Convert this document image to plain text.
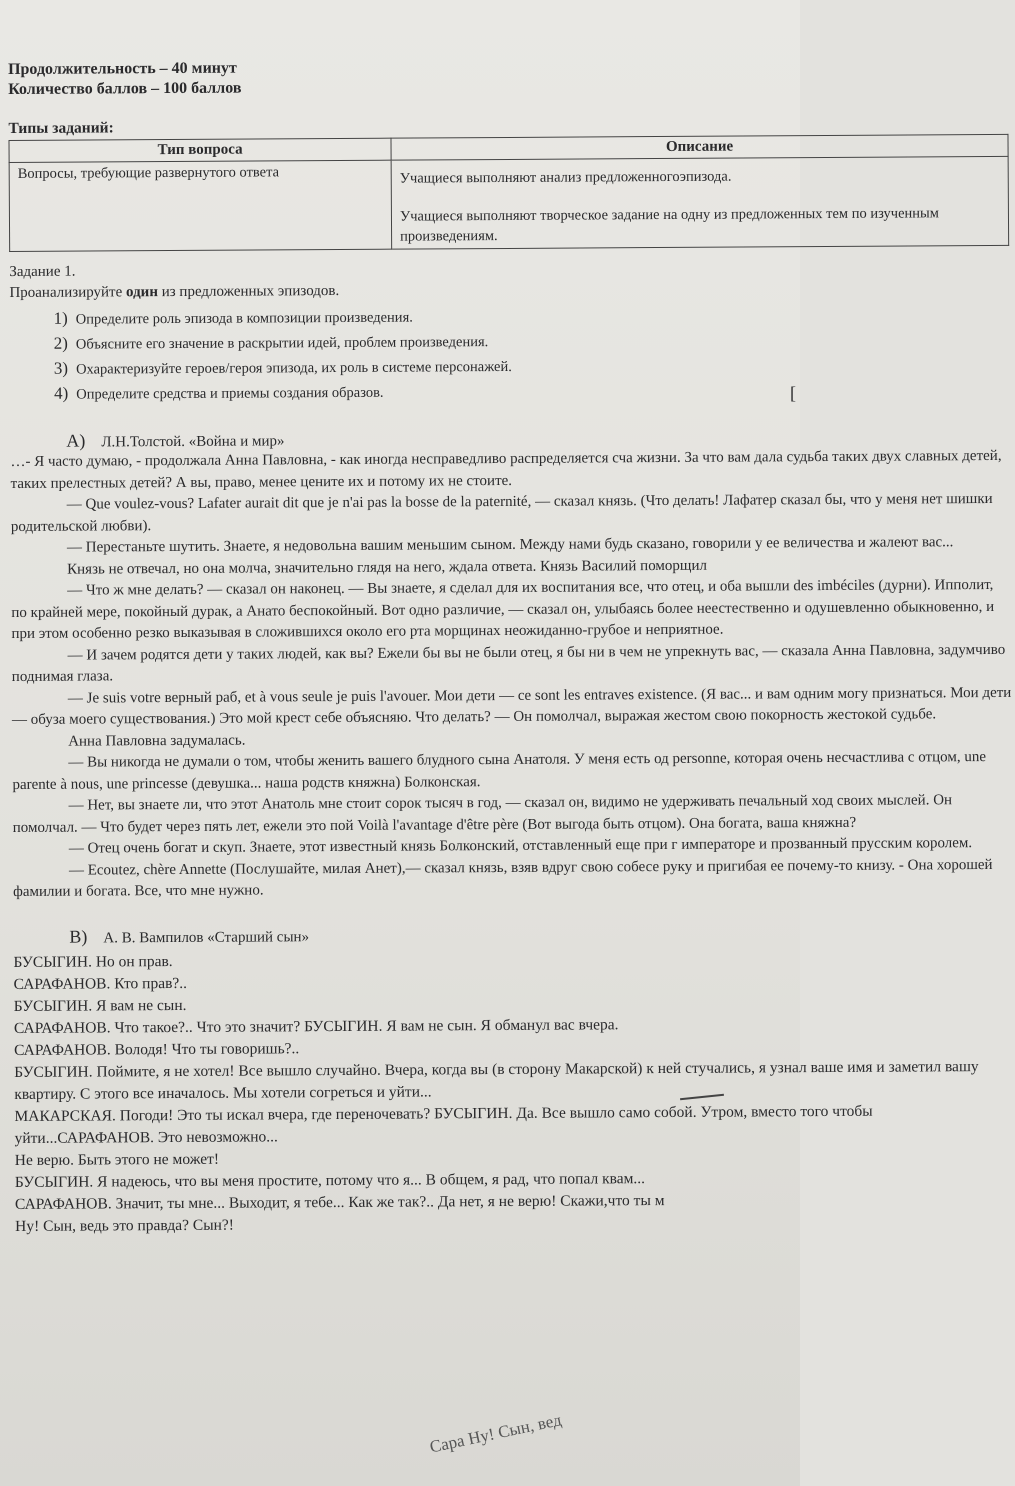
Продолжительность – 40 минут
Количество баллов – 100 баллов
Типы заданий:
Тип вопроса	Описание
Вопросы, требующие развернутого ответа	Учащиеся выполняют анализ предложенногоэпизода.

Учащиеся выполняют творческое задание на одну из предложенных тем по изученным произведениям.

Задание 1.
Проанализируйте один из предложенных эпизодов.
1) Определите роль эпизода в композиции произведения.
2) Объясните его значение в раскрытии идей, проблем произведения.
3) Охарактеризуйте героев/героя эпизода, их роль в системе персонажей.
4) Определите средства и приемы создания образов.
А) Л.Н.Толстой. «Война и мир»

…- Я часто думаю, - продолжала Анна Павловна, - как иногда несправедливо распределяется сча жизни. За что вам дала судьба таких двух славных детей, таких прелестных детей? А вы, право, менее цените их и потому их не стоите.

— Que voulez-vous? Lafater aurait dit que je n'ai pas la bosse de la paternité, — сказал князь. (Что делать! Лафатер сказал бы, что у меня нет шишки родительской любви).

— Перестаньте шутить. Знаете, я недовольна вашим меньшим сыном. Между нами будь сказано, говорили у ее величества и жалеют вас...

Князь не отвечал, но она молча, значительно глядя на него, ждала ответа. Князь Василий поморщил

— Что ж мне делать? — сказал он наконец. — Вы знаете, я сделал для их воспитания все, что отец, и оба вышли des imbéciles (дурни). Ипполит, по крайней мере, покойный дурак, а Анато беспокойный. Вот одно различие, — сказал он, улыбаясь более неестественно и одушевленно обыкновенно, и при этом особенно резко выказывая в сложившихся около его рта морщинах неожиданно-грубое и неприятное.

— И зачем родятся дети у таких людей, как вы? Ежели бы вы не были отец, я бы ни в чем не упрекнуть вас, — сказала Анна Павловна, задумчиво поднимая глаза.

— Je suis votre верный раб, et à vous seule je puis l'avouer. Мои дети — ce sont les entraves existence. (Я вас... и вам одним могу признаться. Мои дети — обуза моего существования.) Это мой крест себе объясняю. Что делать? — Он помолчал, выражая жестом свою покорность жестокой судьбе.

Анна Павловна задумалась.

— Вы никогда не думали о том, чтобы женить вашего блудного сына Анатоля. У меня есть од personne, которая очень несчастлива с отцом, une parente à nous, une princesse (девушка... наша родств княжна) Болконская.

— Нет, вы знаете ли, что этот Анатоль мне стоит сорок тысяч в год, — сказал он, видимо не удерживать печальный ход своих мыслей. Он помолчал. — Что будет через пять лет, ежели это пой Voilà l'avantage d'être père (Вот выгода быть отцом). Она богата, ваша княжна?

— Отец очень богат и скуп. Знаете, этот известный князь Болконский, отставленный еще при г императоре и прозванный прусским королем.

— Ecoutez, chère Annette (Послушайте, милая Анет),— сказал князь, взяв вдруг свою собесе руку и пригибая ее почему-то книзу. - Она хорошей фамилии и богата. Все, что мне нужно.

В) А. В. Вампилов «Старший сын»

БУСЫГИН. Но он прав.

САРАФАНОВ. Кто прав?..

БУСЫГИН. Я вам не сын.

САРАФАНОВ. Что такое?.. Что это значит? БУСЫГИН. Я вам не сын. Я обманул вас вчера.

САРАФАНОВ. Володя! Что ты говоришь?..

БУСЫГИН. Поймите, я не хотел! Все вышло случайно. Вчера, когда вы (в сторону Макарской) к ней стучались, я узнал ваше имя и заметил вашу квартиру. С этого все иначалось. Мы хотели согреться и уйти...

МАКАРСКАЯ. Погоди! Это ты искал вчера, где переночевать? БУСЫГИН. Да. Все вышло само собой. Утром, вместо того чтобы уйти...САРАФАНОВ. Это невозможно...

Не верю. Быть этого не может!

БУСЫГИН. Я надеюсь, что вы меня простите, потому что я... В общем, я рад, что попал квам...

САРАФАНОВ. Значит, ты мне... Выходит, я тебе... Как же так?.. Да нет, я не верю! Скажи,что ты м

Ну! Сын, ведь это правда? Сын?!

[
Сара Ну! Сын, вед
